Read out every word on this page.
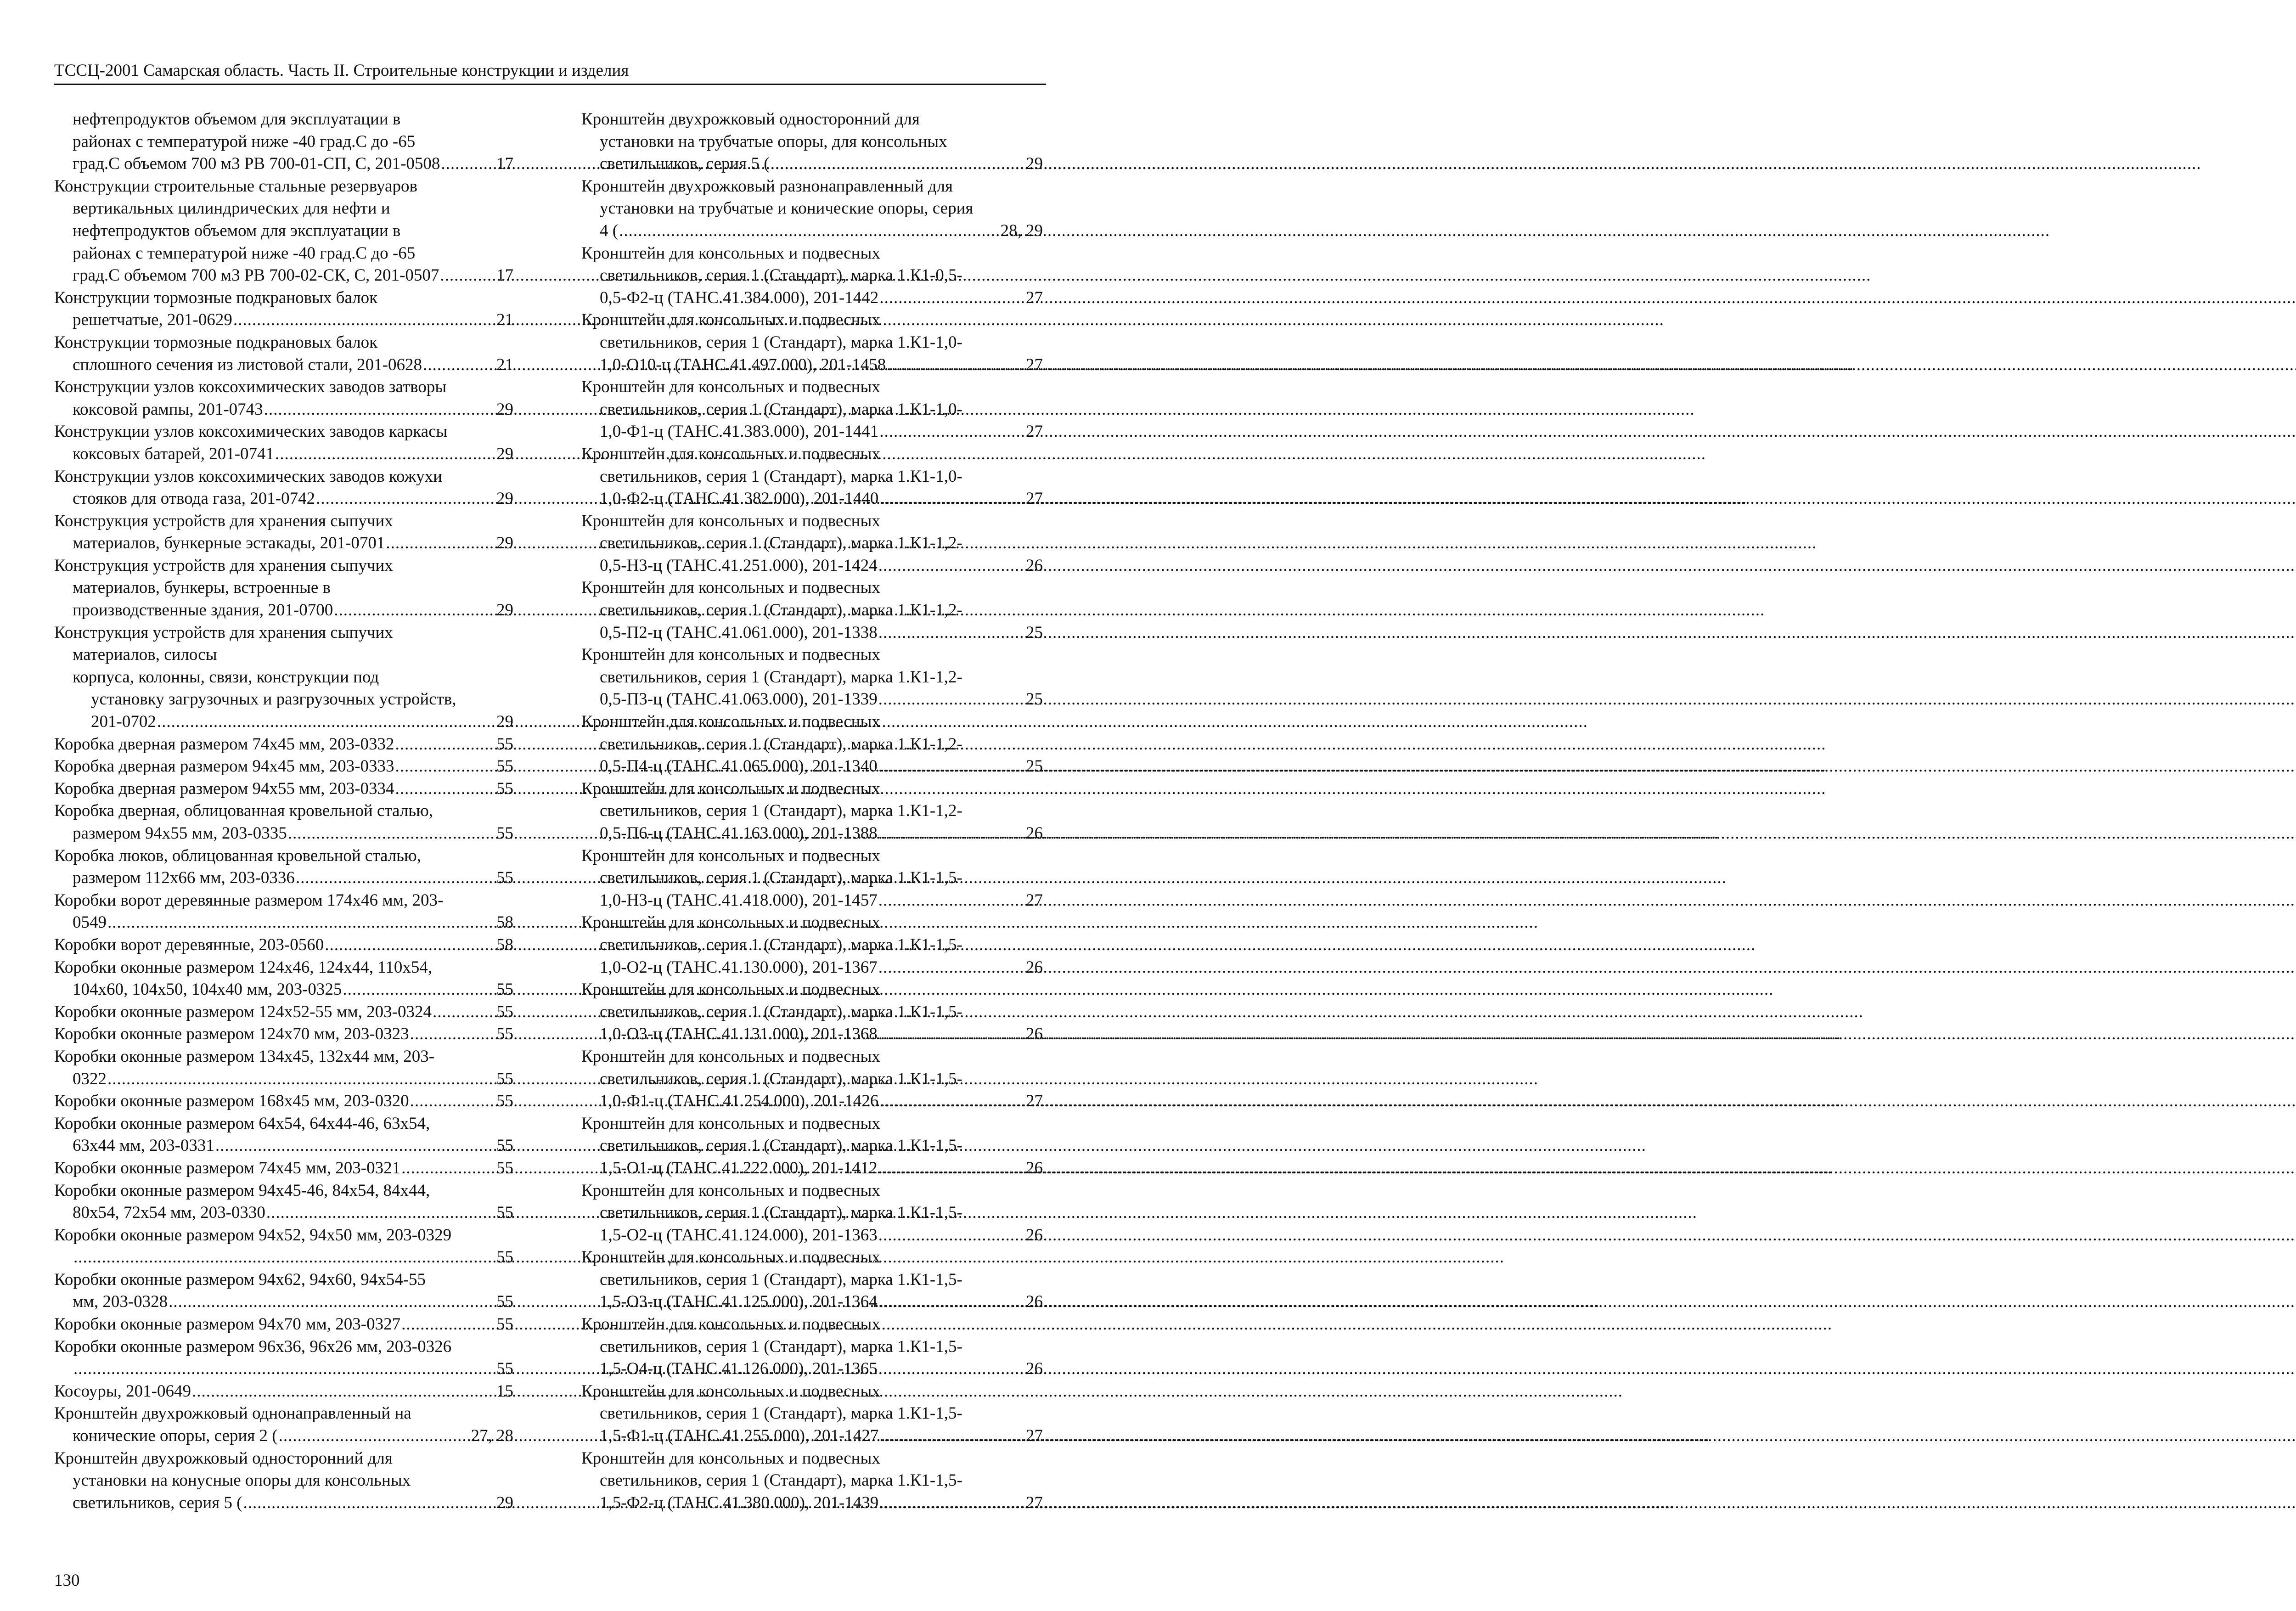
ТССЦ-2001 Самарская область. Часть II. Строительные конструкции и изделия
нефтепродуктов объемом для эксплуатации в
районах с температурой ниже -40 град.С до -65
град.С объемом 700 м3 РВ 700-01-СП, С, 201-0508 .....	17
Конструкции строительные стальные резервуаров
вертикальных цилиндрических для нефти и
нефтепродуктов объемом для эксплуатации в
районах с температурой ниже -40 град.С до -65
град.С объемом 700 м3 РВ 700-02-СК, С, 201-0507 .....	17
Конструкции тормозные подкрановых балок
решетчатые, 201-0629 .....	21
Конструкции тормозные подкрановых балок
сплошного сечения из листовой стали, 201-0628 .....	21
Конструкции узлов коксохимических заводов затворы
коксовой рампы, 201-0743 .....	29
Конструкции узлов коксохимических заводов каркасы
коксовых батарей, 201-0741 .....	29
Конструкции узлов коксохимических заводов кожухи
стояков для отвода газа, 201-0742 .....	29
Конструкция устройств для хранения сыпучих
материалов, бункерные эстакады, 201-0701 .....	29
Конструкция устройств для хранения сыпучих
материалов, бункеры, встроенные в
производственные здания, 201-0700 .....	29
Конструкция устройств для хранения сыпучих
материалов, силосы
корпуса, колонны, связи, конструкции под
установку загрузочных и разгрузочных устройств,
201-0702 .....	29
Коробка дверная размером 74х45 мм, 203-0332 .....	55
Коробка дверная размером 94х45 мм, 203-0333 .....	55
Коробка дверная размером 94х55 мм, 203-0334 .....	55
Коробка дверная, облицованная кровельной сталью,
размером 94х55 мм, 203-0335 .....	55
Коробка люков, облицованная кровельной сталью,
размером 112х66 мм, 203-0336 .....	55
Коробки ворот деревянные размером 174х46 мм, 203-
0549 .....	58
Коробки ворот деревянные, 203-0560 .....	58
Коробки оконные размером 124х46, 124х44, 110х54,
104х60, 104х50, 104х40 мм, 203-0325 .....	55
Коробки оконные размером 124х52-55 мм, 203-0324 .....	55
Коробки оконные размером 124х70 мм, 203-0323 .....	55
Коробки оконные размером 134х45, 132х44 мм, 203-
0322 .....	55
Коробки оконные размером 168х45 мм, 203-0320 .....	55
Коробки оконные размером 64х54, 64х44-46, 63х54,
63х44 мм, 203-0331 .....	55
Коробки оконные размером 74х45 мм, 203-0321 .....	55
Коробки оконные размером 94х45-46, 84х54, 84х44,
80х54, 72х54 мм, 203-0330 .....	55
Коробки оконные размером 94х52, 94х50 мм, 203-0329
.....
55
Коробки оконные размером 94х62, 94х60, 94х54-55
мм, 203-0328 .....	55
Коробки оконные размером 94х70 мм, 203-0327 .....	55
Коробки оконные размером 96х36, 96х26 мм, 203-0326
.....
55
Косоуры, 201-0649 .....	15
Кронштейн двухрожковый однонаправленный на
конические опоры, серия 2 ( .....	27, 28
Кронштейн двухрожковый односторонний для
установки на конусные опоры для консольных
светильников, серия 5 ( .....	29
Кронштейн двухрожковый односторонний для
установки на трубчатые опоры, для консольных
светильников, серия 5 ( .....	29
Кронштейн двухрожковый разнонаправленный для
установки на трубчатые и конические опоры, серия
4 ( .....	28, 29
Кронштейн для консольных и подвесных
светильников, серия 1 (Стандарт), марка 1.К1-0,5-
0,5-Ф2-ц (ТАНС.41.384.000), 201-1442 .....	27
Кронштейн для консольных и подвесных
светильников, серия 1 (Стандарт), марка 1.К1-1,0-
1,0-О10-ц (ТАНС.41.497.000), 201-1458 .....	27
Кронштейн для консольных и подвесных
светильников, серия 1 (Стандарт), марка 1.К1-1,0-
1,0-Ф1-ц (ТАНС.41.383.000), 201-1441 .....	27
Кронштейн для консольных и подвесных
светильников, серия 1 (Стандарт), марка 1.К1-1,0-
1,0-Ф2-ц (ТАНС.41.382.000), 201-1440 .....	27
Кронштейн для консольных и подвесных
светильников, серия 1 (Стандарт), марка 1.К1-1,2-
0,5-Н3-ц (ТАНС.41.251.000), 201-1424 .....	26
Кронштейн для консольных и подвесных
светильников, серия 1 (Стандарт), марка 1.К1-1,2-
0,5-П2-ц (ТАНС.41.061.000), 201-1338 .....	25
Кронштейн для консольных и подвесных
светильников, серия 1 (Стандарт), марка 1.К1-1,2-
0,5-П3-ц (ТАНС.41.063.000), 201-1339 .....	25
Кронштейн для консольных и подвесных
светильников, серия 1 (Стандарт), марка 1.К1-1,2-
0,5-П4-ц (ТАНС.41.065.000), 201-1340 .....	25
Кронштейн для консольных и подвесных
светильников, серия 1 (Стандарт), марка 1.К1-1,2-
0,5-П6-ц (ТАНС.41.163.000), 201-1388 .....	26
Кронштейн для консольных и подвесных
светильников, серия 1 (Стандарт), марка 1.К1-1,5-
1,0-Н3-ц (ТАНС.41.418.000), 201-1457 .....	27
Кронштейн для консольных и подвесных
светильников, серия 1 (Стандарт), марка 1.К1-1,5-
1,0-О2-ц (ТАНС.41.130.000), 201-1367 .....	26
Кронштейн для консольных и подвесных
светильников, серия 1 (Стандарт), марка 1.К1-1,5-
1,0-О3-ц (ТАНС.41.131.000), 201-1368 .....	26
Кронштейн для консольных и подвесных
светильников, серия 1 (Стандарт), марка 1.К1-1,5-
1,0-Ф1-ц (ТАНС.41.254.000), 201-1426 .....	27
Кронштейн для консольных и подвесных
светильников, серия 1 (Стандарт), марка 1.К1-1,5-
1,5-О1-ц (ТАНС.41.222.000), 201-1412 .....	26
Кронштейн для консольных и подвесных
светильников, серия 1 (Стандарт), марка 1.К1-1,5-
1,5-О2-ц (ТАНС.41.124.000), 201-1363 .....	26
Кронштейн для консольных и подвесных
светильников, серия 1 (Стандарт), марка 1.К1-1,5-
1,5-О3-ц (ТАНС.41.125.000), 201-1364 .....	26
Кронштейн для консольных и подвесных
светильников, серия 1 (Стандарт), марка 1.К1-1,5-
1,5-О4-ц (ТАНС.41.126.000), 201-1365 .....	26
Кронштейн для консольных и подвесных
светильников, серия 1 (Стандарт), марка 1.К1-1,5-
1,5-Ф1-ц (ТАНС.41.255.000), 201-1427 .....	27
Кронштейн для консольных и подвесных
светильников, серия 1 (Стандарт), марка 1.К1-1,5-
1,5-Ф2-ц (ТАНС.41.380.000), 201-1439 .....	27
130
